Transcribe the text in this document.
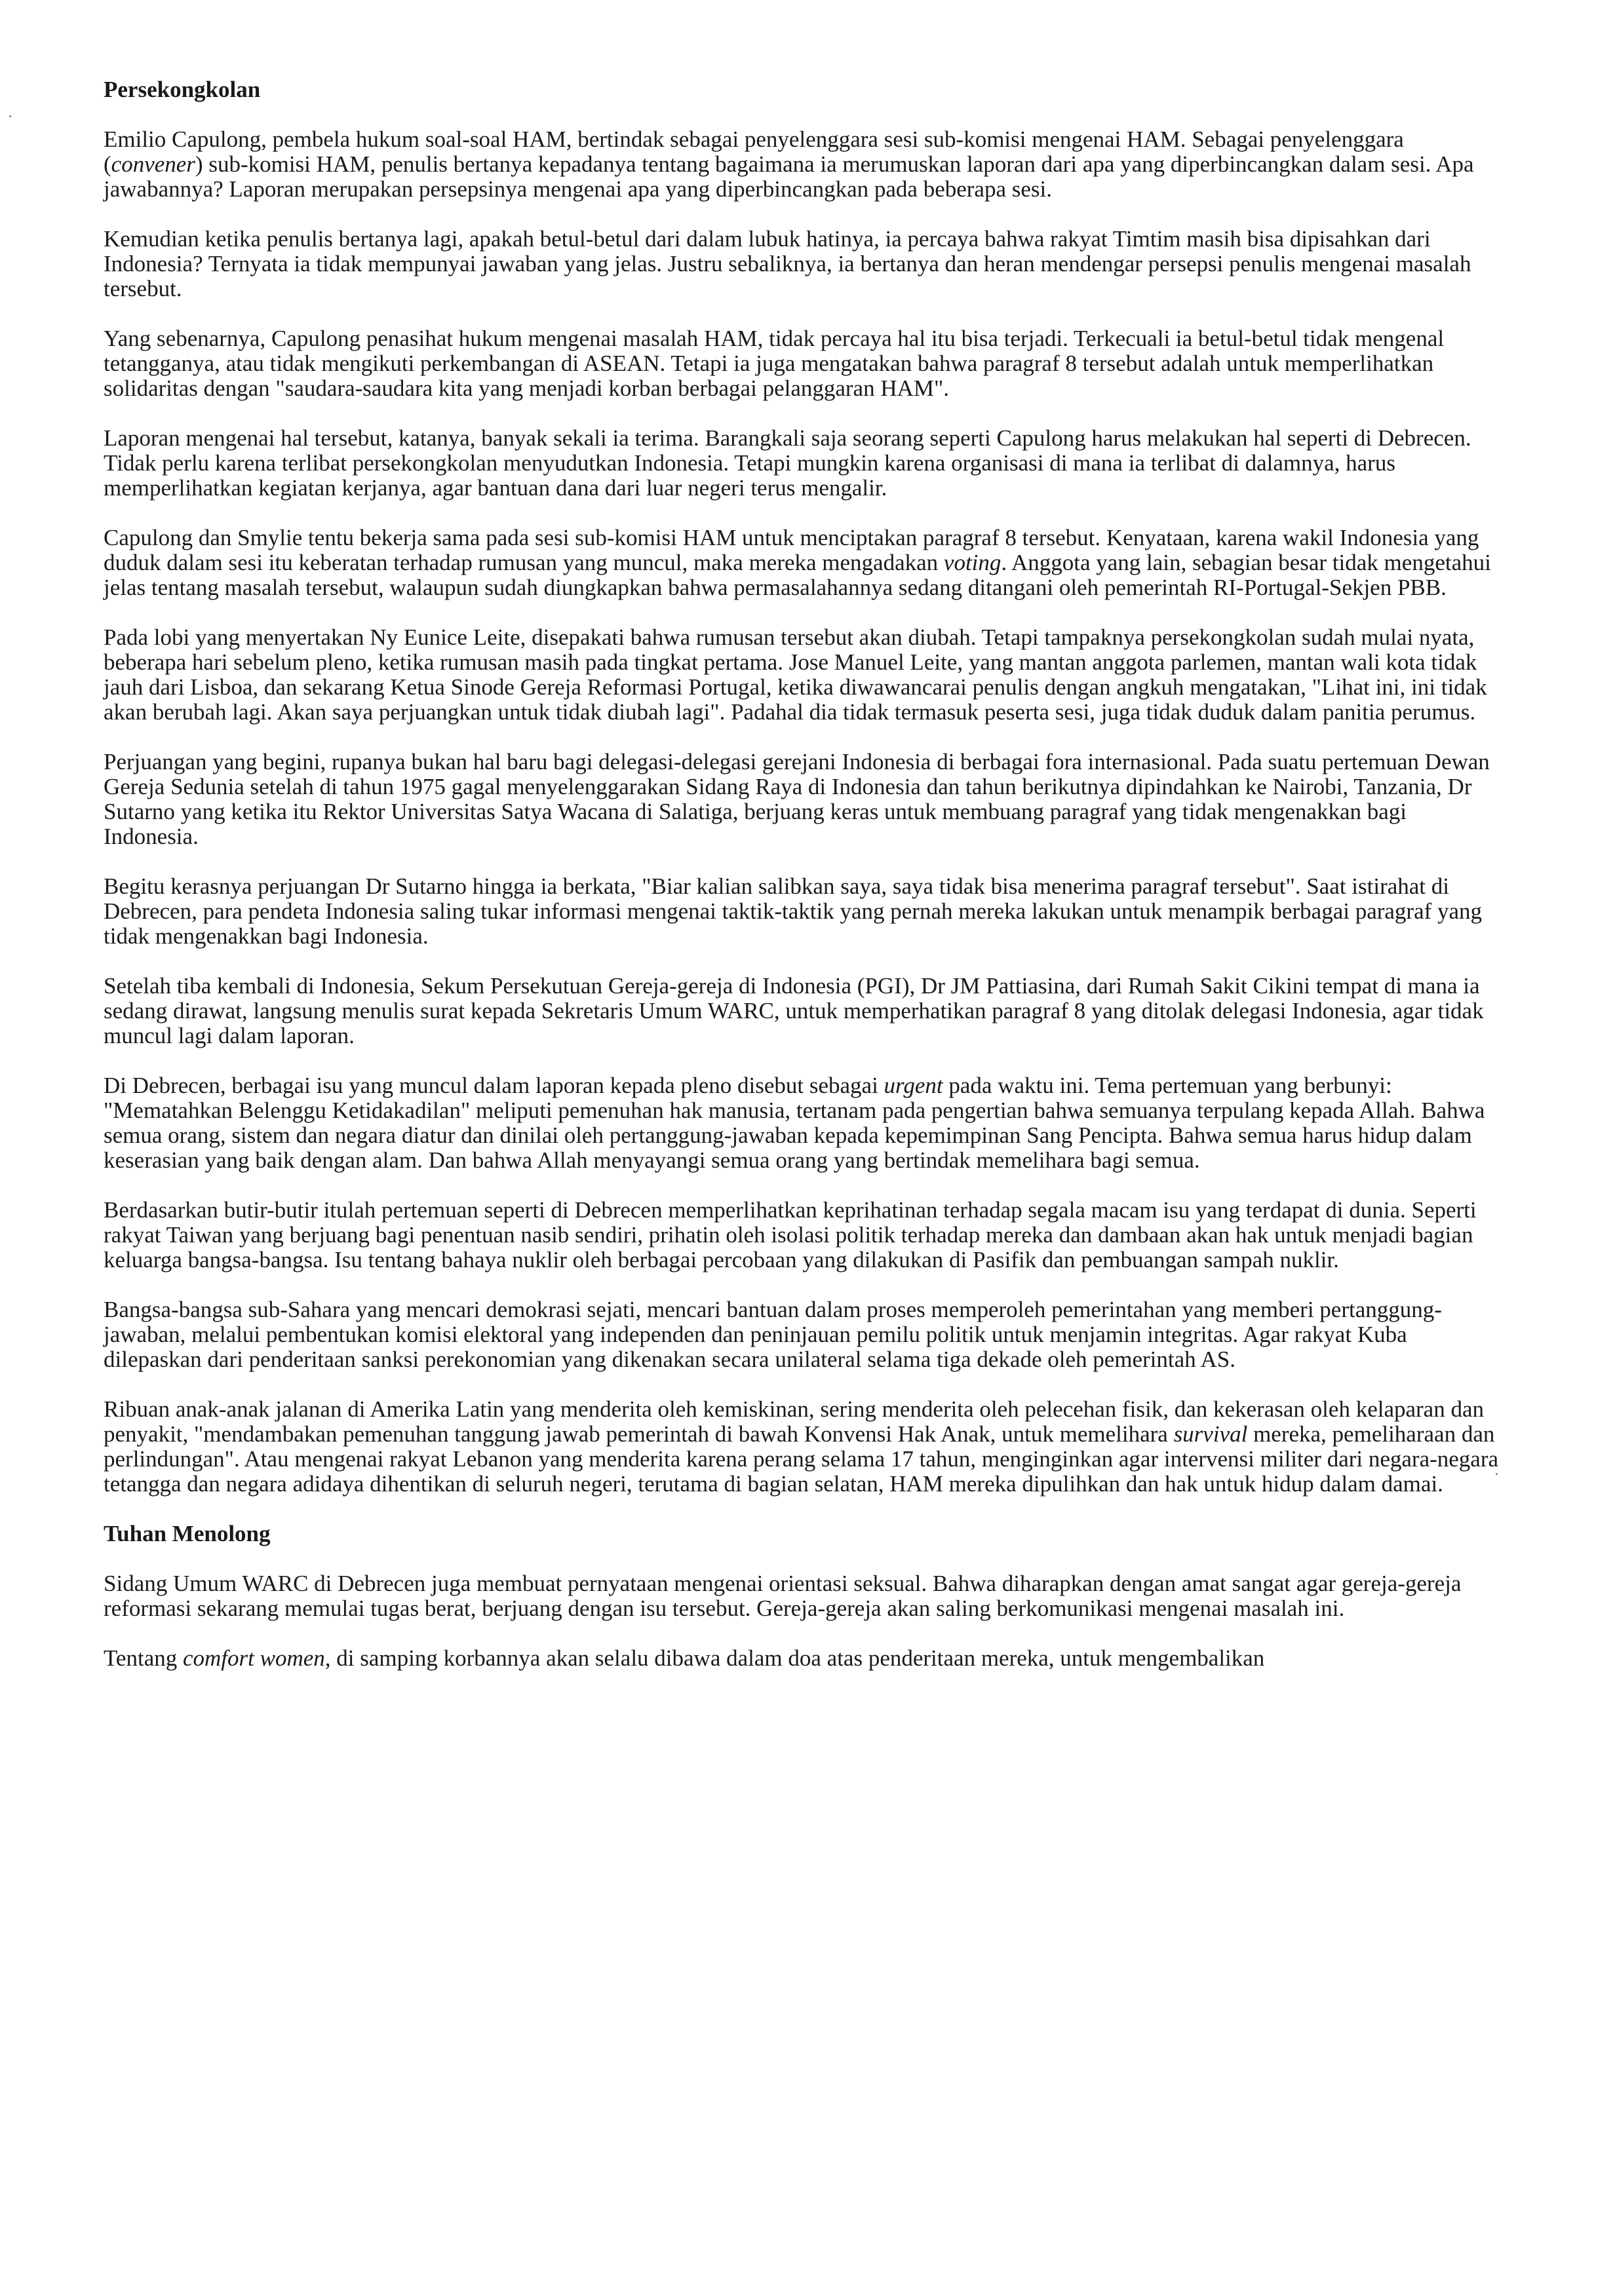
Persekongkolan

Emilio Capulong, pembela hukum soal-soal HAM, bertindak sebagai penyelenggara sesi sub-komisi mengenai HAM. Sebagai penyelenggara (convener) sub-komisi HAM, penulis bertanya kepadanya tentang bagaimana ia merumuskan laporan dari apa yang diperbincangkan dalam sesi. Apa jawabannya? Laporan merupakan persepsinya mengenai apa yang diperbincangkan pada beberapa sesi.

Kemudian ketika penulis bertanya lagi, apakah betul-betul dari dalam lubuk hatinya, ia percaya bahwa rakyat Timtim masih bisa dipisahkan dari Indonesia? Ternyata ia tidak mempunyai jawaban yang jelas. Justru sebaliknya, ia bertanya dan heran mendengar persepsi penulis mengenai masalah tersebut.

Yang sebenarnya, Capulong penasihat hukum mengenai masalah HAM, tidak percaya hal itu bisa terjadi. Terkecuali ia betul-betul tidak mengenal tetangganya, atau tidak mengikuti perkembangan di ASEAN. Tetapi ia juga mengatakan bahwa paragraf 8 tersebut adalah untuk memperlihatkan solidaritas dengan "saudara-saudara kita yang menjadi korban berbagai pelanggaran HAM".

Laporan mengenai hal tersebut, katanya, banyak sekali ia terima. Barangkali saja seorang seperti Capulong harus melakukan hal seperti di Debrecen. Tidak perlu karena terlibat persekongkolan menyudutkan Indonesia. Tetapi mungkin karena organisasi di mana ia terlibat di dalamnya, harus memperlihatkan kegiatan kerjanya, agar bantuan dana dari luar negeri terus mengalir.

Capulong dan Smylie tentu bekerja sama pada sesi sub-komisi HAM untuk menciptakan paragraf 8 tersebut. Kenyataan, karena wakil Indonesia yang duduk dalam sesi itu keberatan terhadap rumusan yang muncul, maka mereka mengadakan voting. Anggota yang lain, sebagian besar tidak mengetahui jelas tentang masalah tersebut, walaupun sudah diungkapkan bahwa permasalahannya sedang ditangani oleh pemerintah RI-Portugal-Sekjen PBB.

Pada lobi yang menyertakan Ny Eunice Leite, disepakati bahwa rumusan tersebut akan diubah. Tetapi tampaknya persekongkolan sudah mulai nyata, beberapa hari sebelum pleno, ketika rumusan masih pada tingkat pertama. Jose Manuel Leite, yang mantan anggota parlemen, mantan wali kota tidak jauh dari Lisboa, dan sekarang Ketua Sinode Gereja Reformasi Portugal, ketika diwawancarai penulis dengan angkuh mengatakan, "Lihat ini, ini tidak akan berubah lagi. Akan saya perjuangkan untuk tidak diubah lagi". Padahal dia tidak termasuk peserta sesi, juga tidak duduk dalam panitia perumus.

Perjuangan yang begini, rupanya bukan hal baru bagi delegasi-delegasi gerejani Indonesia di berbagai fora internasional. Pada suatu pertemuan Dewan Gereja Sedunia setelah di tahun 1975 gagal menyelenggarakan Sidang Raya di Indonesia dan tahun berikutnya dipindahkan ke Nairobi, Tanzania, Dr Sutarno yang ketika itu Rektor Universitas Satya Wacana di Salatiga, berjuang keras untuk membuang paragraf yang tidak mengenakkan bagi Indonesia.

Begitu kerasnya perjuangan Dr Sutarno hingga ia berkata, "Biar kalian salibkan saya, saya tidak bisa menerima paragraf tersebut". Saat istirahat di Debrecen, para pendeta Indonesia saling tukar informasi mengenai taktik-taktik yang pernah mereka lakukan untuk menampik berbagai paragraf yang tidak mengenakkan bagi Indonesia.

Setelah tiba kembali di Indonesia, Sekum Persekutuan Gereja-gereja di Indonesia (PGI), Dr JM Pattiasina, dari Rumah Sakit Cikini tempat di mana ia sedang dirawat, langsung menulis surat kepada Sekretaris Umum WARC, untuk memperhatikan paragraf 8 yang ditolak delegasi Indonesia, agar tidak muncul lagi dalam laporan.

Di Debrecen, berbagai isu yang muncul dalam laporan kepada pleno disebut sebagai urgent pada waktu ini. Tema pertemuan yang berbunyi: "Mematahkan Belenggu Ketidakadilan" meliputi pemenuhan hak manusia, tertanam pada pengertian bahwa semuanya terpulang kepada Allah. Bahwa semua orang, sistem dan negara diatur dan dinilai oleh pertanggung-jawaban kepada kepemimpinan Sang Pencipta. Bahwa semua harus hidup dalam keserasian yang baik dengan alam. Dan bahwa Allah menyayangi semua orang yang bertindak memelihara bagi semua.

Berdasarkan butir-butir itulah pertemuan seperti di Debrecen memperlihatkan keprihatinan terhadap segala macam isu yang terdapat di dunia. Seperti rakyat Taiwan yang berjuang bagi penentuan nasib sendiri, prihatin oleh isolasi politik terhadap mereka dan dambaan akan hak untuk menjadi bagian keluarga bangsa-bangsa. Isu tentang bahaya nuklir oleh berbagai percobaan yang dilakukan di Pasifik dan pembuangan sampah nuklir.

Bangsa-bangsa sub-Sahara yang mencari demokrasi sejati, mencari bantuan dalam proses memperoleh pemerintahan yang memberi pertanggung-jawaban, melalui pembentukan komisi elektoral yang independen dan peninjauan pemilu politik untuk menjamin integritas. Agar rakyat Kuba dilepaskan dari penderitaan sanksi perekonomian yang dikenakan secara unilateral selama tiga dekade oleh pemerintah AS.

Ribuan anak-anak jalanan di Amerika Latin yang menderita oleh kemiskinan, sering menderita oleh pelecehan fisik, dan kekerasan oleh kelaparan dan penyakit, "mendambakan pemenuhan tanggung jawab pemerintah di bawah Konvensi Hak Anak, untuk memelihara survival mereka, pemeliharaan dan perlindungan". Atau mengenai rakyat Lebanon yang menderita karena perang selama 17 tahun, menginginkan agar intervensi militer dari negara-negara tetangga dan negara adidaya dihentikan di seluruh negeri, terutama di bagian selatan, HAM mereka dipulihkan dan hak untuk hidup dalam damai.

Tuhan Menolong

Sidang Umum WARC di Debrecen juga membuat pernyataan mengenai orientasi seksual. Bahwa diharapkan dengan amat sangat agar gereja-gereja reformasi sekarang memulai tugas berat, berjuang dengan isu tersebut. Gereja-gereja akan saling berkomunikasi mengenai masalah ini.

Tentang comfort women, di samping korbannya akan selalu dibawa dalam doa atas penderitaan mereka, untuk mengembalikan
